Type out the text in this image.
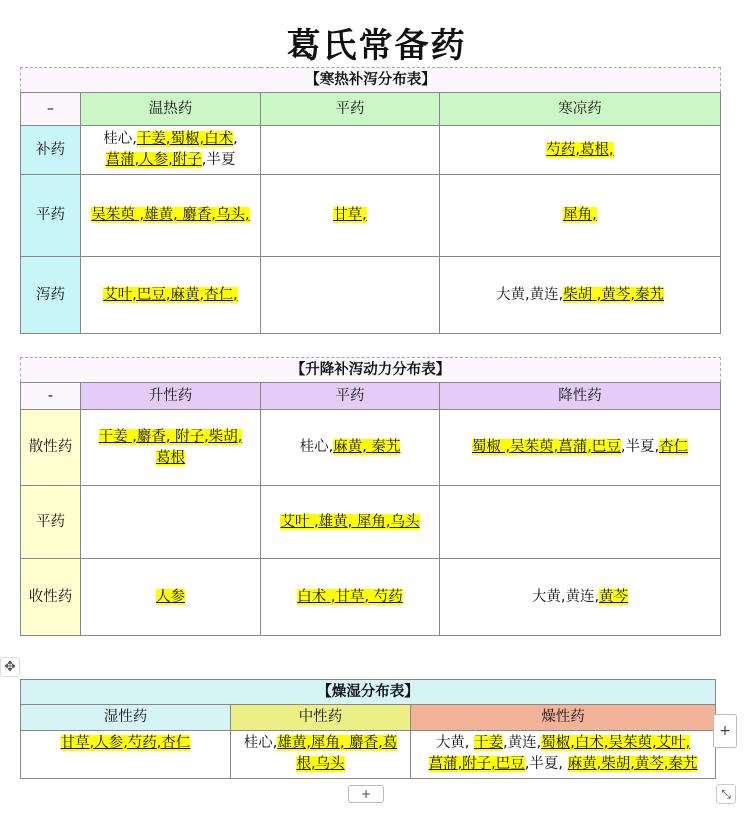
葛氏常备药
【寒热补泻分布表】			
–	温热药	平药	寒凉药
补药	桂心,干姜,蜀椒,白术,
菖蒲,人参,附子,半夏		芍药,葛根,
平药	吴茱萸 ,雄黄, 麝香,乌头,	甘草,	犀角,
泻药	艾叶,巴豆,麻黄,杏仁,		大黄,黄连,柴胡 ,黄芩,秦艽
【升降补泻动力分布表】			
-	升性药	平药	降性药
散性药	干姜 ,麝香, 附子,柴胡,
葛根	桂心,麻黄, 秦艽	蜀椒 ,吴茱萸,菖蒲,巴豆,半夏,杏仁
平药		艾叶 ,雄黄, 犀角,乌头	
收性药	人参	白术 ,甘草, 芍药	大黄,黄连,黄芩
【燥湿分布表】		
湿性药	中性药	燥性药
甘草,人参,芍药,杏仁	桂心,雄黄,犀角, 麝香,葛
根,乌头	大黄, 干姜,黄连,蜀椒,白术,吴茱萸,艾叶,
菖蒲,附子,巴豆,半夏, 麻黄,柴胡,黄芩,秦艽
✥
+
+	⤡
